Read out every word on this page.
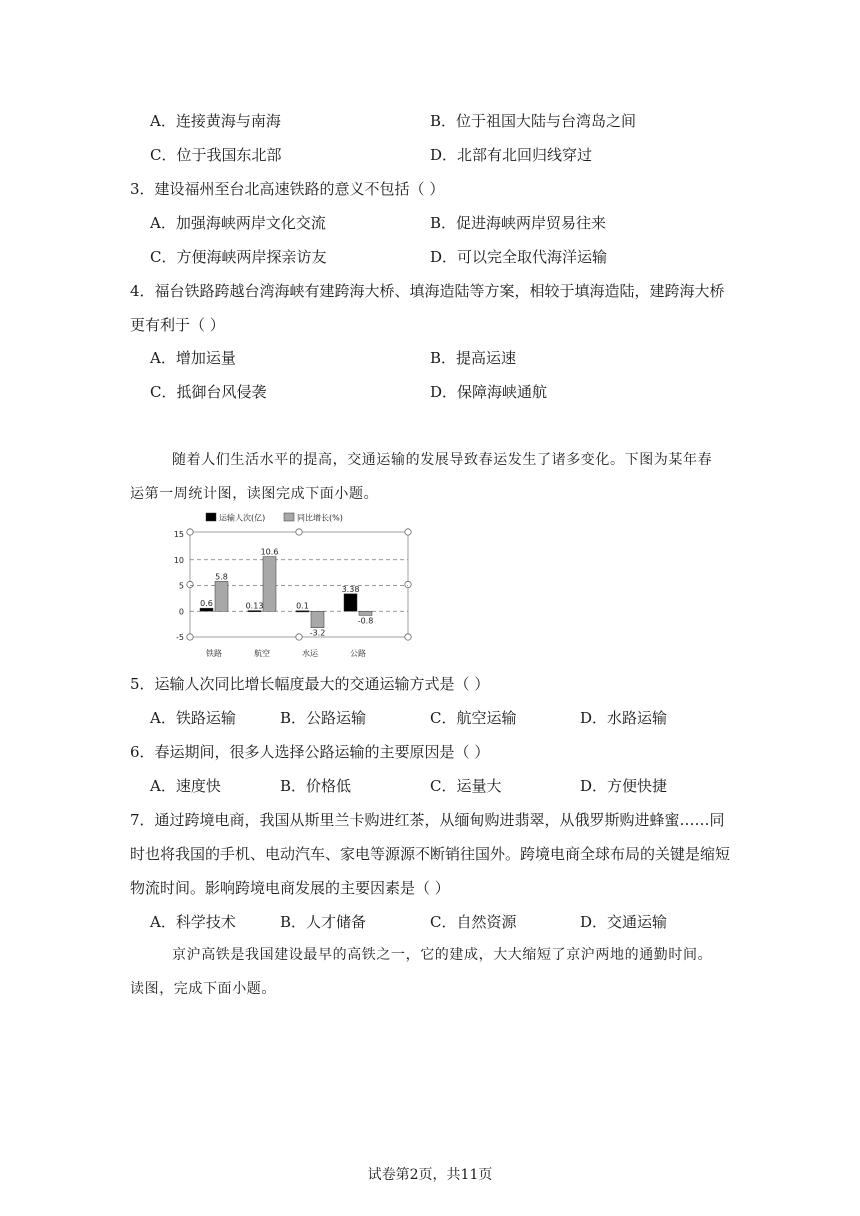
A．连接黄海与南海	B．位于祖国大陆与台湾岛之间
C．位于我国东北部	D．北部有北回归线穿过
3．建设福州至台北高速铁路的意义不包括（ ）
A．加强海峡两岸文化交流	B．促进海峡两岸贸易往来
C．方便海峡两岸探亲访友	D．可以完全取代海洋运输
4．福台铁路跨越台湾海峡有建跨海大桥、填海造陆等方案，相较于填海造陆，建跨海大桥
更有利于（ ）
A．增加运量	B．提高运速
C．抵御台风侵袭	D．保障海峡通航
随着人们生活水平的提高，交通运输的发展导致春运发生了诸多变化。下图为某年春
运第一周统计图，读图完成下面小题。
运输人次(亿)	同比增长(%)
15
10
5
0
-5
0.6
5.8
0.13
10.6
0.1
-3.2
3.38
-0.8
铁路	航空	水运	公路
5．运输人次同比增长幅度最大的交通运输方式是（ ）
A．铁路运输	B．公路运输	C．航空运输	D．水路运输
6．春运期间，很多人选择公路运输的主要原因是（ ）
A．速度快	B．价格低	C．运量大	D．方便快捷
7．通过跨境电商，我国从斯里兰卡购进红茶，从缅甸购进翡翠，从俄罗斯购进蜂蜜……同
时也将我国的手机、电动汽车、家电等源源不断销往国外。跨境电商全球布局的关键是缩短
物流时间。影响跨境电商发展的主要因素是（ ）
A．科学技术	B．人才储备	C．自然资源	D．交通运输
京沪高铁是我国建设最早的高铁之一，它的建成，大大缩短了京沪两地的通勤时间。
读图，完成下面小题。
试卷第2页，共11页
